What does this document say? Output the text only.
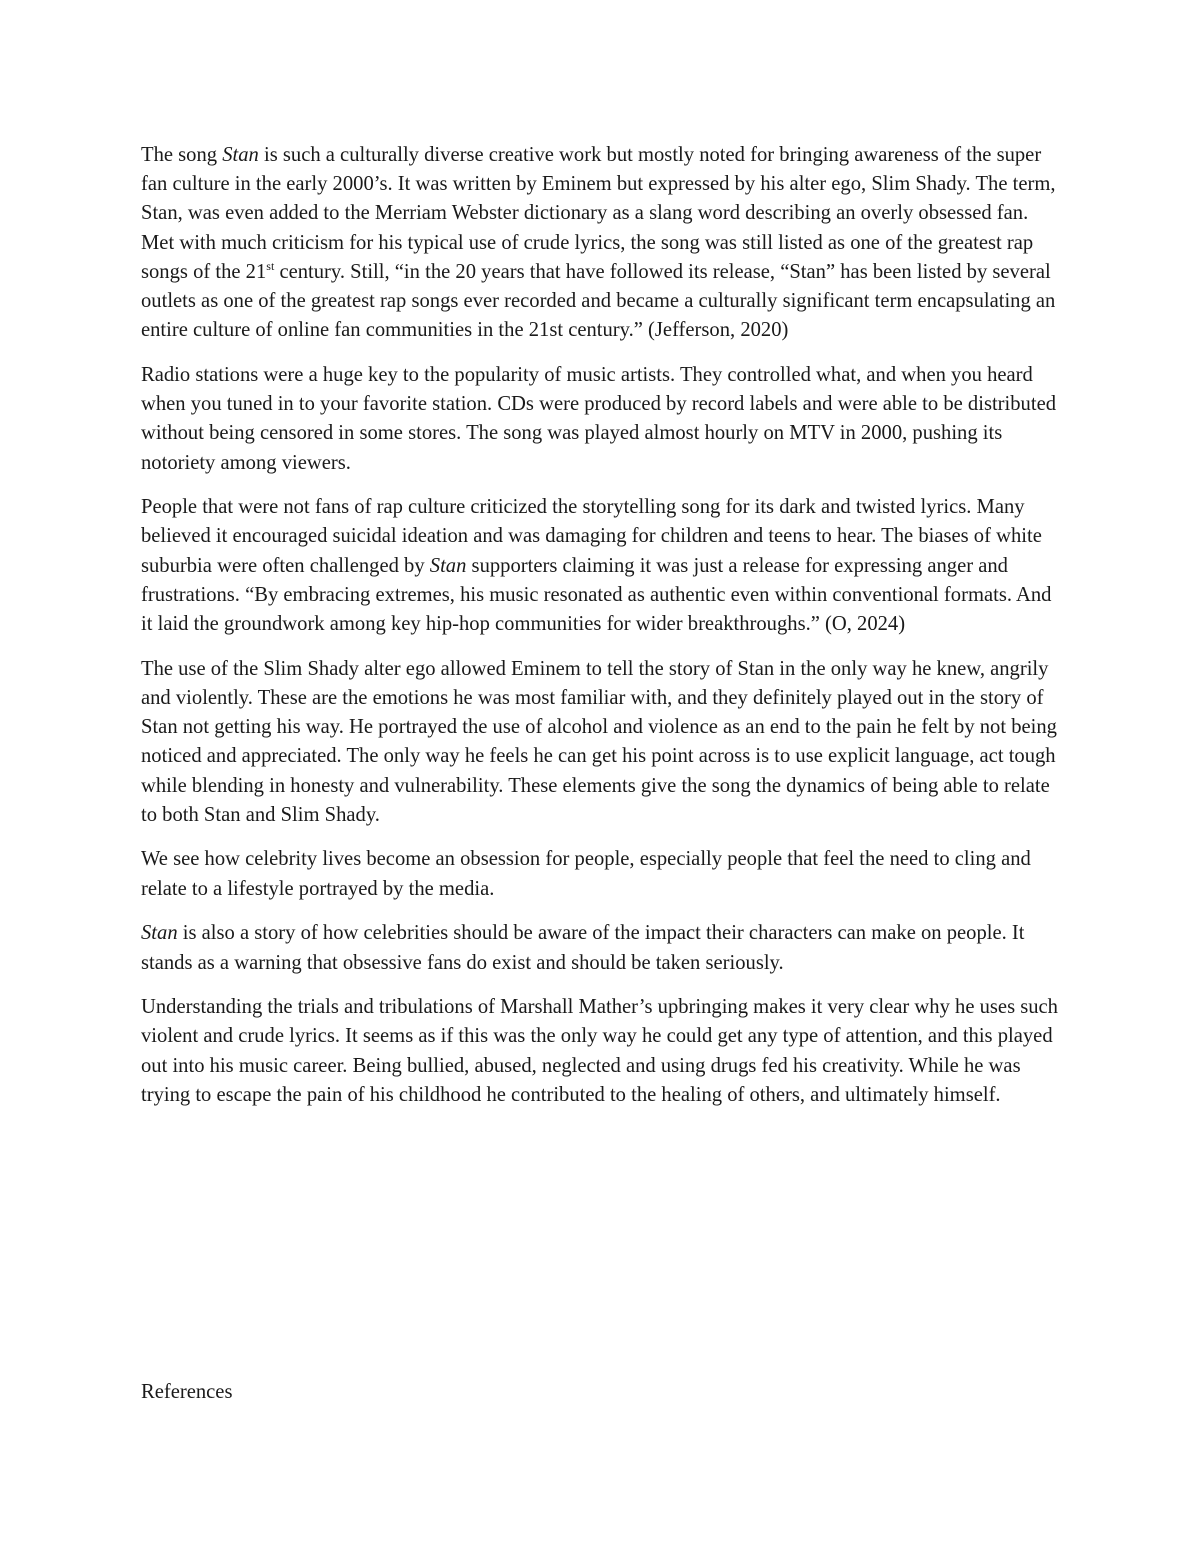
The song Stan is such a culturally diverse creative work but mostly noted for bringing awareness of the super fan culture in the early 2000’s. It was written by Eminem but expressed by his alter ego, Slim Shady. The term, Stan, was even added to the Merriam Webster dictionary as a slang word describing an overly obsessed fan. Met with much criticism for his typical use of crude lyrics, the song was still listed as one of the greatest rap songs of the 21st century. Still, “in the 20 years that have followed its release, “Stan” has been listed by several outlets as one of the greatest rap songs ever recorded and became a culturally significant term encapsulating an entire culture of online fan communities in the 21st century.” (Jefferson, 2020)

Radio stations were a huge key to the popularity of music artists. They controlled what, and when you heard when you tuned in to your favorite station. CDs were produced by record labels and were able to be distributed without being censored in some stores. The song was played almost hourly on MTV in 2000, pushing its notoriety among viewers.

People that were not fans of rap culture criticized the storytelling song for its dark and twisted lyrics. Many believed it encouraged suicidal ideation and was damaging for children and teens to hear. The biases of white suburbia were often challenged by Stan supporters claiming it was just a release for expressing anger and frustrations. “By embracing extremes, his music resonated as authentic even within conventional formats. And it laid the groundwork among key hip-hop communities for wider breakthroughs.” (O, 2024)

The use of the Slim Shady alter ego allowed Eminem to tell the story of Stan in the only way he knew, angrily and violently. These are the emotions he was most familiar with, and they definitely played out in the story of Stan not getting his way. He portrayed the use of alcohol and violence as an end to the pain he felt by not being noticed and appreciated. The only way he feels he can get his point across is to use explicit language, act tough while blending in honesty and vulnerability. These elements give the song the dynamics of being able to relate to both Stan and Slim Shady.

We see how celebrity lives become an obsession for people, especially people that feel the need to cling and relate to a lifestyle portrayed by the media.

Stan is also a story of how celebrities should be aware of the impact their characters can make on people. It stands as a warning that obsessive fans do exist and should be taken seriously.

Understanding the trials and tribulations of Marshall Mather’s upbringing makes it very clear why he uses such violent and crude lyrics. It seems as if this was the only way he could get any type of attention, and this played out into his music career. Being bullied, abused, neglected and using drugs fed his creativity. While he was trying to escape the pain of his childhood he contributed to the healing of others, and ultimately himself.

References
